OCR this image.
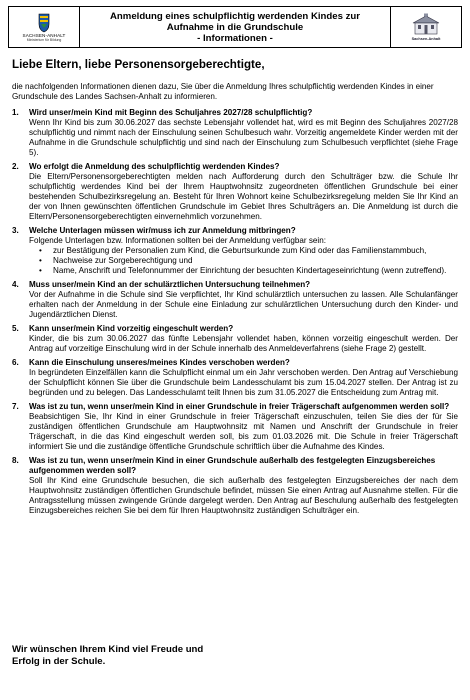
SACHSEN-ANHALT
Ministerium für Bildung
Anmeldung eines schulpflichtig werdenden Kindes zur
Aufnahme in die Grundschule
- Informationen -	Sachsen-Anhalt
Liebe Eltern, liebe Personensorgeberechtigte,
die nachfolgenden Informationen dienen dazu, Sie über die Anmeldung Ihres schulpflichtig werdenden Kindes in einer Grundschule des Landes Sachsen-Anhalt zu informieren.
1.	Wird unser/mein Kind mit Beginn des Schuljahres 2027/28 schulpflichtig?
Wenn Ihr Kind bis zum 30.06.2027 das sechste Lebensjahr vollendet hat, wird es mit Beginn des Schuljahres 2027/28 schulpflichtig und nimmt nach der Einschulung seinen Schulbesuch wahr. Vorzeitig angemeldete Kinder werden mit der Aufnahme in die Grundschule schulpflichtig und sind nach der Einschulung zum Schulbesuch verpflichtet (siehe Frage 5).
2.	Wo erfolgt die Anmeldung des schulpflichtig werdenden Kindes?
Die Eltern/Personensorgeberechtigten melden nach Aufforderung durch den Schulträger bzw. die Schule Ihr schulpflichtig werdendes Kind bei der Ihrem Hauptwohnsitz zugeordneten öffentlichen Grundschule bei einer bestehenden Schulbezirksregelung an. Besteht für Ihren Wohnort keine Schulbezirksregelung melden Sie Ihr Kind an der von Ihnen gewünschten öffentlichen Grundschule im Gebiet Ihres Schulträgers an. Die Anmeldung ist durch die Eltern/Personensorgeberechtigten einvernehmlich vorzunehmen.
3.	Welche Unterlagen müssen wir/muss ich zur Anmeldung mitbringen?
Folgende Unterlagen bzw. Informationen sollten bei der Anmeldung verfügbar sein:
• zur Bestätigung der Personalien zum Kind, die Geburtsurkunde zum Kind oder das Familienstammbuch,
• Nachweise zur Sorgeberechtigung und
• Name, Anschrift und Telefonnummer der Einrichtung der besuchten Kindertageseinrichtung (wenn zutreffend).
4.	Muss unser/mein Kind an der schulärztlichen Untersuchung teilnehmen?
Vor der Aufnahme in die Schule sind Sie verpflichtet, Ihr Kind schulärztlich untersuchen zu lassen. Alle Schulanfänger erhalten nach der Anmeldung in der Schule eine Einladung zur schulärztlichen Untersuchung durch den Kinder- und Jugendärztlichen Dienst.
5.	Kann unser/mein Kind vorzeitig eingeschult werden?
Kinder, die bis zum 30.06.2027 das fünfte Lebensjahr vollendet haben, können vorzeitig eingeschult werden. Der Antrag auf vorzeitige Einschulung wird in der Schule innerhalb des Anmeldeverfahrens (siehe Frage 2) gestellt.
6.	Kann die Einschulung unseres/meines Kindes verschoben werden?
In begründeten Einzelfällen kann die Schulpflicht einmal um ein Jahr verschoben werden. Den Antrag auf Verschiebung der Schulpflicht können Sie über die Grundschule beim Landesschulamt bis zum 15.04.2027 stellen. Der Antrag ist zu begründen und zu belegen. Das Landesschulamt teilt Ihnen bis zum 31.05.2027 die Entscheidung zum Antrag mit.
7.	Was ist zu tun, wenn unser/mein Kind in einer Grundschule in freier Trägerschaft aufgenommen werden soll?
Beabsichtigen Sie, Ihr Kind in einer Grundschule in freier Trägerschaft einzuschulen, teilen Sie dies der für Sie zuständigen öffentlichen Grundschule am Hauptwohnsitz mit Namen und Anschrift der Grundschule in freier Trägerschaft, in die das Kind eingeschult werden soll, bis zum 01.03.2026 mit. Die Schule in freier Trägerschaft informiert Sie und die zuständige öffentliche Grundschule schriftlich über die Aufnahme des Kindes.
8.	Was ist zu tun, wenn unser/mein Kind in einer Grundschule außerhalb des festgelegten Einzugsbereiches aufgenommen werden soll?
Soll Ihr Kind eine Grundschule besuchen, die sich außerhalb des festgelegten Einzugsbereiches der nach dem Hauptwohnsitz zuständigen öffentlichen Grundschule befindet, müssen Sie einen Antrag auf Ausnahme stellen. Für die Antragsstellung müssen zwingende Gründe dargelegt werden. Den Antrag auf Beschulung außerhalb des festgelegten Einzugsbereiches reichen Sie bei dem für Ihren Hauptwohnsitz zuständigen Schulträger ein.
Wir wünschen Ihrem Kind viel Freude und
Erfolg in der Schule.
